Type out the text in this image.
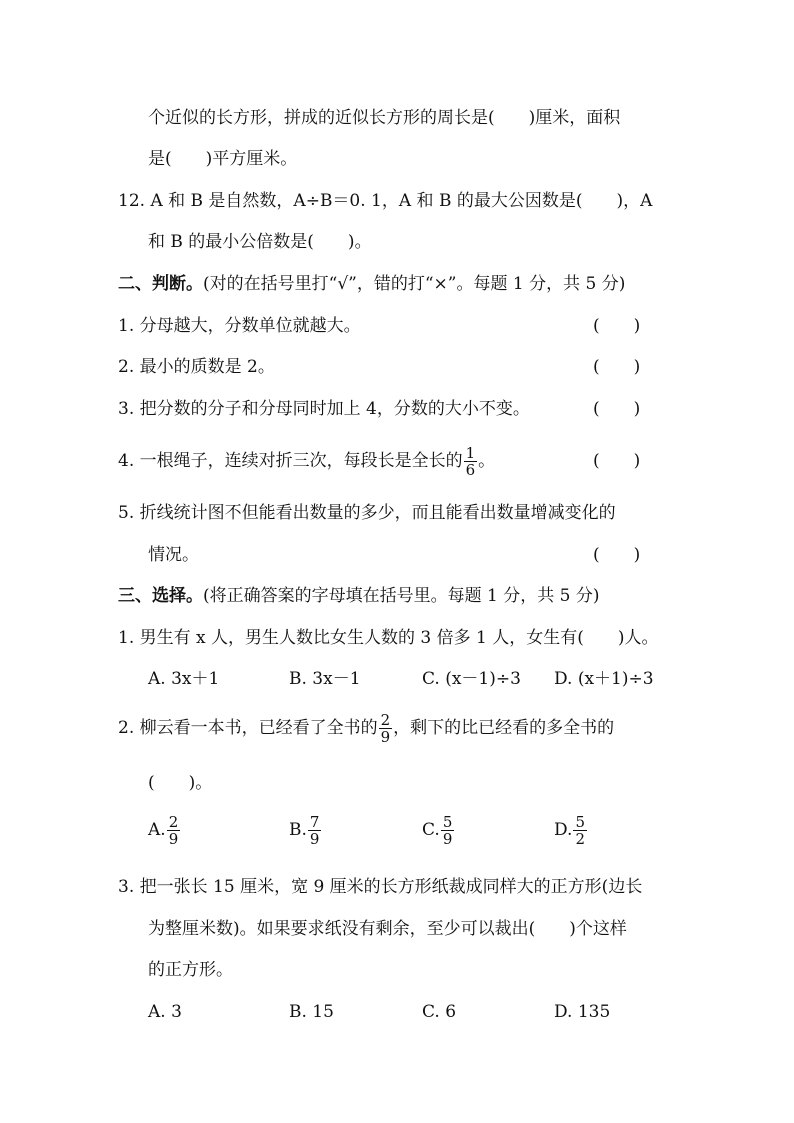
个近似的长方形，拼成的近似长方形的周长是(　　)厘米，面积
是(　　)平方厘米。
12. A 和 B 是自然数，A÷B＝0. 1，A 和 B 的最大公因数是(　　)，A
和 B 的最小公倍数是(　　)。
二、判断。(对的在括号里打“√”，错的打“×”。每题 1 分，共 5 分)
1. 分母越大，分数单位就越大。	(　　)
2. 最小的质数是 2。	(　　)
3. 把分数的分子和分母同时加上 4，分数的大小不变。	(　　)
4. 一根绳子，连续对折三次，每段长是全长的 $\frac{1}{6}$ 。	(　　)
5. 折线统计图不但能看出数量的多少，而且能看出数量增减变化的
情况。	(　　)
三、选择。(将正确答案的字母填在括号里。每题 1 分，共 5 分)
1. 男生有 x 人，男生人数比女生人数的 3 倍多 1 人，女生有(　　)人。
A. 3x＋1	B. 3x－1	C. (x－1)÷3 D. (x＋1)÷3
2. 柳云看一本书，已经看了全书的 $\frac{2}{9}$ ，剩下的比已经看的多全书的
(　　)。
A. $\frac{2}{9}$	B. $\frac{7}{9}$	C. $\frac{5}{9}$	D. $\frac{5}{2}$
3. 把一张长 15 厘米，宽 9 厘米的长方形纸裁成同样大的正方形(边长
为整厘米数)。如果要求纸没有剩余，至少可以裁出(　　)个这样
的正方形。
A. 3	B. 15	C. 6	D. 135
